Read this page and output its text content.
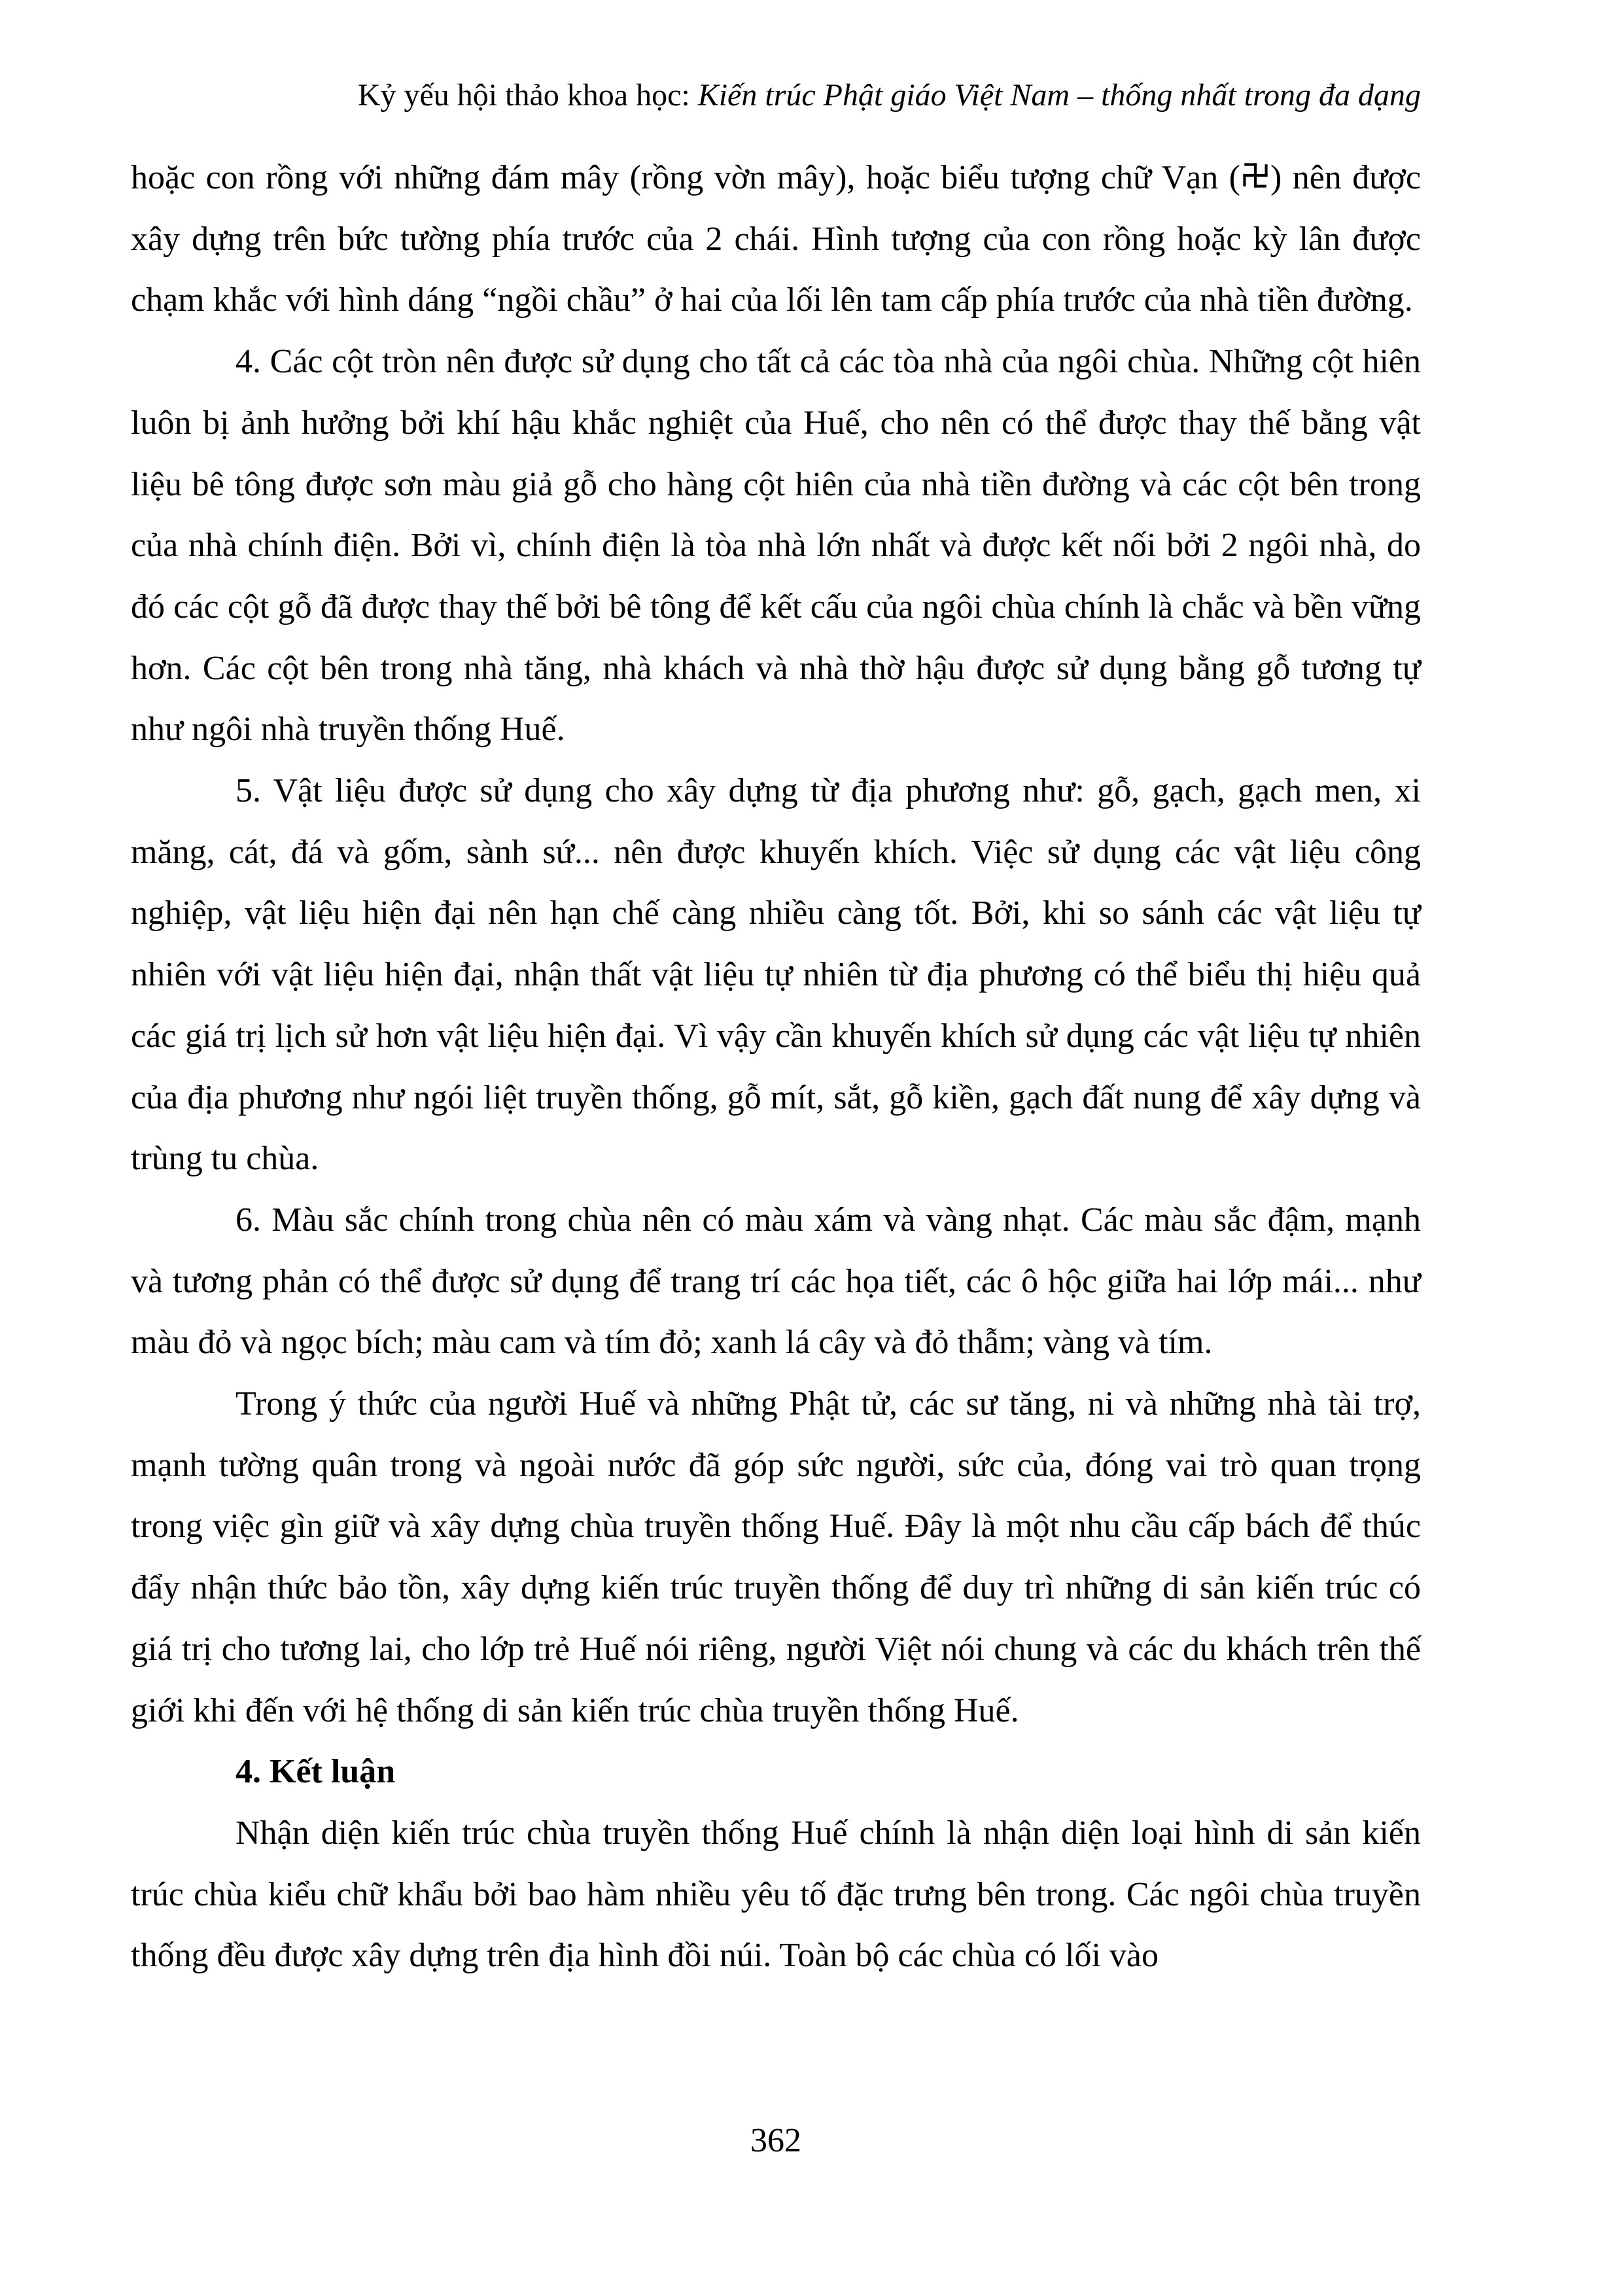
Kỷ yếu hội thảo khoa học: Kiến trúc Phật giáo Việt Nam – thống nhất trong đa dạng

hoặc con rồng với những đám mây (rồng vờn mây), hoặc biểu tượng chữ Vạn ( ) nên được xây dựng trên bức tường phía trước của 2 chái. Hình tượng của con rồng hoặc kỳ lân được chạm khắc với hình dáng “ngồi chầu” ở hai của lối lên tam cấp phía trước của nhà tiền đường.

4. Các cột tròn nên được sử dụng cho tất cả các tòa nhà của ngôi chùa. Những cột hiên luôn bị ảnh hưởng bởi khí hậu khắc nghiệt của Huế, cho nên có thể được thay thế bằng vật liệu bê tông được sơn màu giả gỗ cho hàng cột hiên của nhà tiền đường và các cột bên trong của nhà chính điện. Bởi vì, chính điện là tòa nhà lớn nhất và được kết nối bởi 2 ngôi nhà, do đó các cột gỗ đã được thay thế bởi bê tông để kết cấu của ngôi chùa chính là chắc và bền vững hơn. Các cột bên trong nhà tăng, nhà khách và nhà thờ hậu được sử dụng bằng gỗ tương tự như ngôi nhà truyền thống Huế.

5. Vật liệu được sử dụng cho xây dựng từ địa phương như: gỗ, gạch, gạch men, xi măng, cát, đá và gốm, sành sứ... nên được khuyến khích. Việc sử dụng các vật liệu công nghiệp, vật liệu hiện đại nên hạn chế càng nhiều càng tốt. Bởi, khi so sánh các vật liệu tự nhiên với vật liệu hiện đại, nhận thất vật liệu tự nhiên từ địa phương có thể biểu thị hiệu quả các giá trị lịch sử hơn vật liệu hiện đại. Vì vậy cần khuyến khích sử dụng các vật liệu tự nhiên của địa phương như ngói liệt truyền thống, gỗ mít, sắt, gỗ kiền, gạch đất nung để xây dựng và trùng tu chùa.

6. Màu sắc chính trong chùa nên có màu xám và vàng nhạt. Các màu sắc đậm, mạnh và tương phản có thể được sử dụng để trang trí các họa tiết, các ô hộc giữa hai lớp mái... như màu đỏ và ngọc bích; màu cam và tím đỏ; xanh lá cây và đỏ thẫm; vàng và tím.

Trong ý thức của người Huế và những Phật tử, các sư tăng, ni và những nhà tài trợ, mạnh tường quân trong và ngoài nước đã góp sức người, sức của, đóng vai trò quan trọng trong việc gìn giữ và xây dựng chùa truyền thống Huế. Đây là một nhu cầu cấp bách để thúc đẩy nhận thức bảo tồn, xây dựng kiến trúc truyền thống để duy trì những di sản kiến trúc có giá trị cho tương lai, cho lớp trẻ Huế nói riêng, người Việt nói chung và các du khách trên thế giới khi đến với hệ thống di sản kiến trúc chùa truyền thống Huế.

4. Kết luận

Nhận diện kiến trúc chùa truyền thống Huế chính là nhận diện loại hình di sản kiến trúc chùa kiểu chữ khẩu bởi bao hàm nhiều yêu tố đặc trưng bên trong. Các ngôi chùa truyền thống đều được xây dựng trên địa hình đồi núi. Toàn bộ các chùa có lối vào

362
